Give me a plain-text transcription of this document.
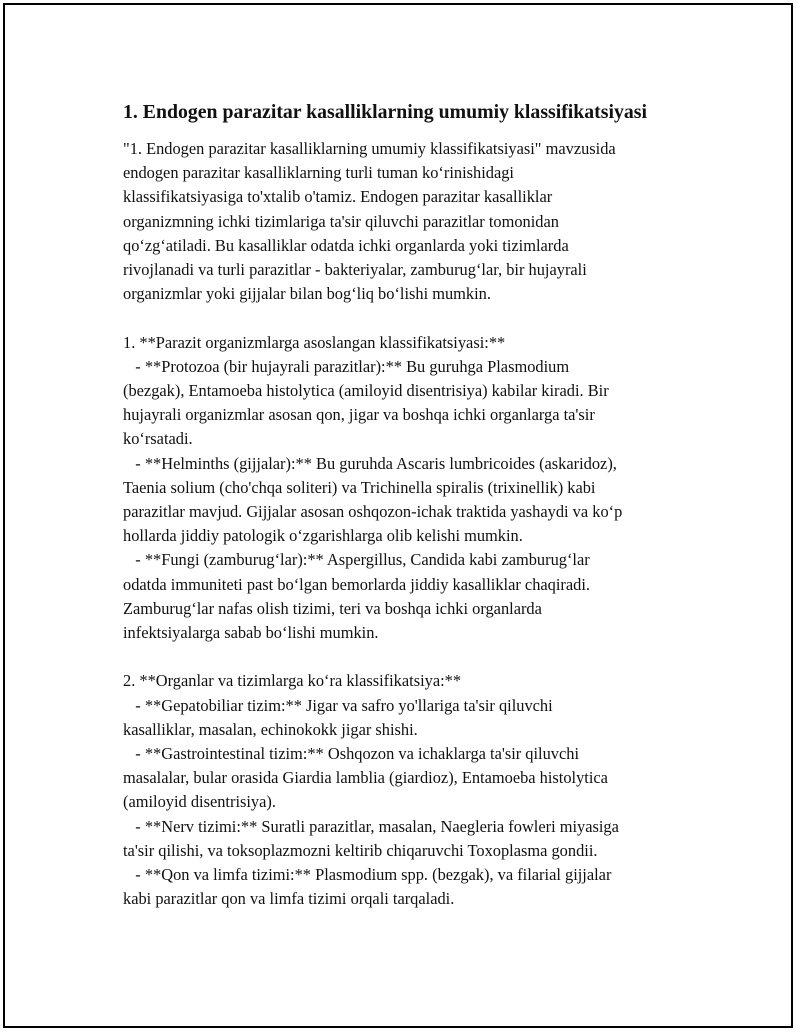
1. Endogen parazitar kasalliklarning umumiy klassifikatsiyasi

"1. Endogen parazitar kasalliklarning umumiy klassifikatsiyasi" mavzusida
endogen parazitar kasalliklarning turli tuman koʻrinishidagi
klassifikatsiyasiga to'xtalib o'tamiz. Endogen parazitar kasalliklar
organizmning ichki tizimlariga ta'sir qiluvchi parazitlar tomonidan
qoʻzgʻatiladi. Bu kasalliklar odatda ichki organlarda yoki tizimlarda
rivojlanadi va turli parazitlar - bakteriyalar, zamburugʻlar, bir hujayrali
organizmlar yoki gijjalar bilan bogʻliq boʻlishi mumkin.

1. **Parazit organizmlarga asoslangan klassifikatsiyasi:**
- **Protozoa (bir hujayrali parazitlar):** Bu guruhga Plasmodium
(bezgak), Entamoeba histolytica (amiloyid disentrisiya) kabilar kiradi. Bir
hujayrali organizmlar asosan qon, jigar va boshqa ichki organlarga ta'sir
koʻrsatadi.
- **Helminths (gijjalar):** Bu guruhda Ascaris lumbricoides (askaridoz),
Taenia solium (cho'chqa soliteri) va Trichinella spiralis (trixinellik) kabi
parazitlar mavjud. Gijjalar asosan oshqozon-ichak traktida yashaydi va koʻp
hollarda jiddiy patologik oʻzgarishlarga olib kelishi mumkin.
- **Fungi (zamburugʻlar):** Aspergillus, Candida kabi zamburugʻlar
odatda immuniteti past boʻlgan bemorlarda jiddiy kasalliklar chaqiradi.
Zamburugʻlar nafas olish tizimi, teri va boshqa ichki organlarda
infektsiyalarga sabab boʻlishi mumkin.

2. **Organlar va tizimlarga koʻra klassifikatsiya:**
- **Gepatobiliar tizim:** Jigar va safro yo'llariga ta'sir qiluvchi
kasalliklar, masalan, echinokokk jigar shishi.
- **Gastrointestinal tizim:** Oshqozon va ichaklarga ta'sir qiluvchi
masalalar, bular orasida Giardia lamblia (giardioz), Entamoeba histolytica
(amiloyid disentrisiya).
- **Nerv tizimi:** Suratli parazitlar, masalan, Naegleria fowleri miyasiga
ta'sir qilishi, va toksoplazmozni keltirib chiqaruvchi Toxoplasma gondii.
- **Qon va limfa tizimi:** Plasmodium spp. (bezgak), va filarial gijjalar
kabi parazitlar qon va limfa tizimi orqali tarqaladi.
